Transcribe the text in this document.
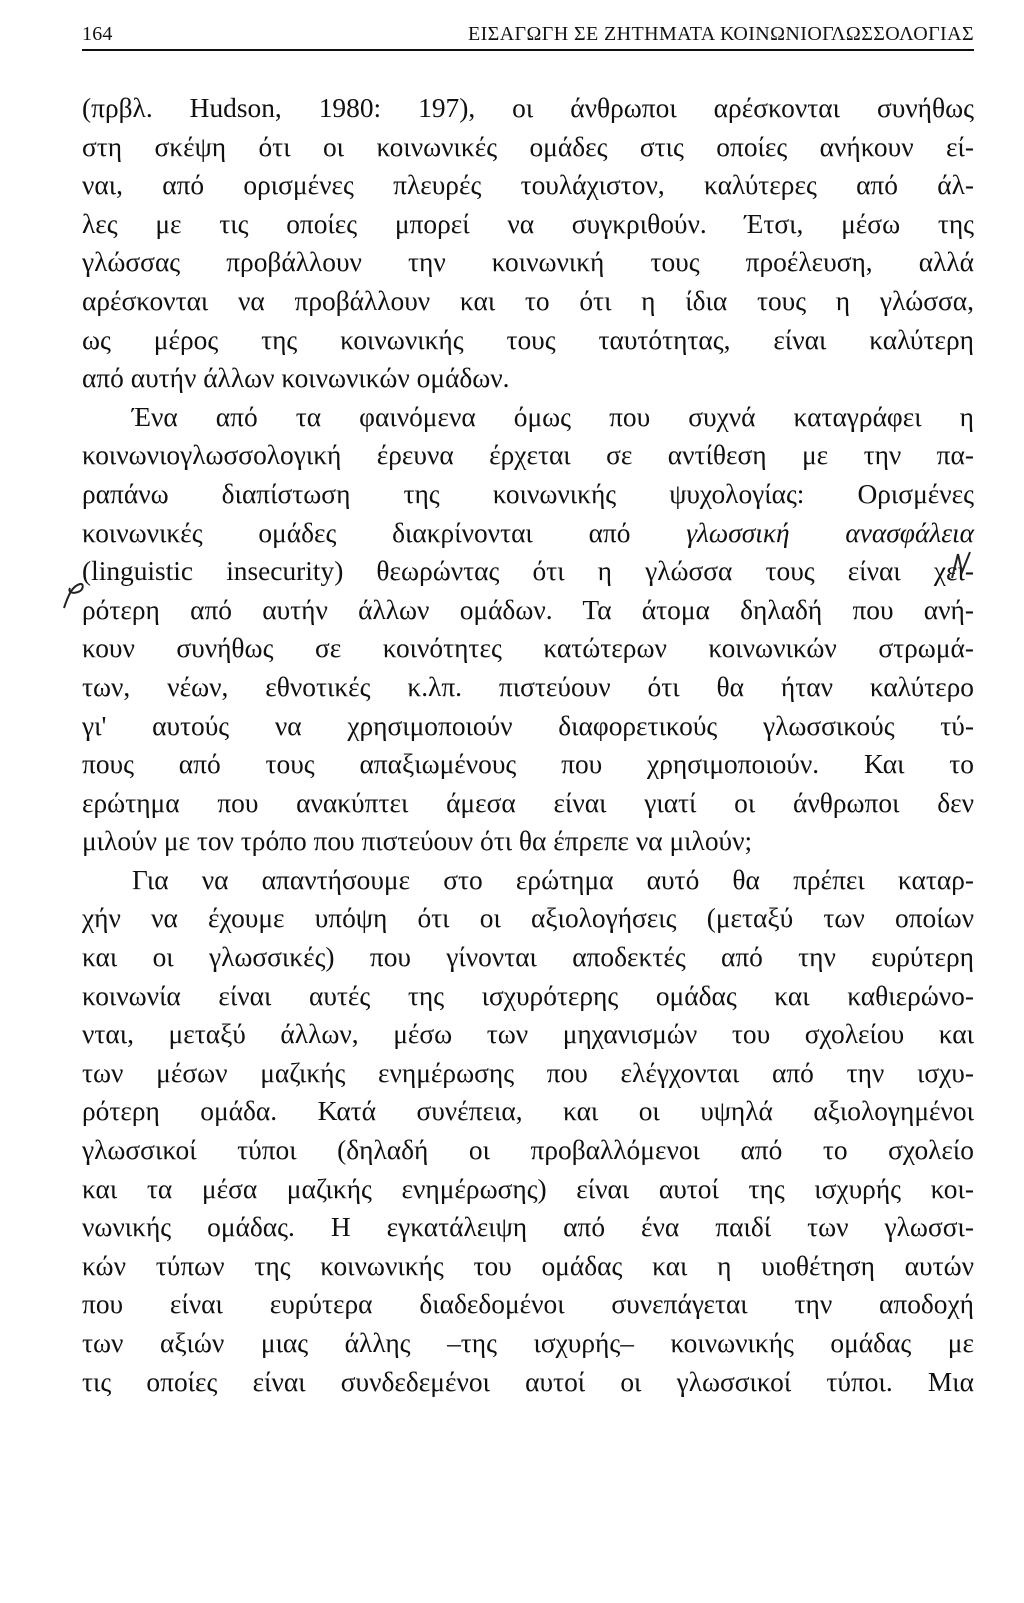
164	ΕΙΣΑΓΩΓΗ ΣΕ ΖΗΤΗΜΑΤΑ ΚΟΙΝΩΝΙΟΓΛΩΣΣΟΛΟΓΙΑΣ

(πρβλ. Hudson, 1980: 197), οι άνθρωποι αρέσκονται συνήθως
στη σκέψη ότι οι κοινωνικές ομάδες στις οποίες ανήκουν εί-
ναι, από ορισμένες πλευρές τουλάχιστον, καλύτερες από άλ-
λες με τις οποίες μπορεί να συγκριθούν. Έτσι, μέσω της
γλώσσας προβάλλουν την κοινωνική τους προέλευση, αλλά
αρέσκονται να προβάλλουν και το ότι η ίδια τους η γλώσσα,
ως μέρος της κοινωνικής τους ταυτότητας, είναι καλύτερη
από αυτήν άλλων κοινωνικών ομάδων.

Ένα από τα φαινόμενα όμως που συχνά καταγράφει η
κοινωνιογλωσσολογική έρευνα έρχεται σε αντίθεση με την πα-
ραπάνω διαπίστωση της κοινωνικής ψυχολογίας: Ορισμένες
κοινωνικές ομάδες διακρίνονται από γλωσσική ανασφάλεια
(linguistic insecurity) θεωρώντας ότι η γλώσσα τους είναι χει-
ρότερη από αυτήν άλλων ομάδων. Τα άτομα δηλαδή που ανή-
κουν συνήθως σε κοινότητες κατώτερων κοινωνικών στρωμά-
των, νέων, εθνοτικές κ.λπ. πιστεύουν ότι θα ήταν καλύτερο
γι' αυτούς να χρησιμοποιούν διαφορετικούς γλωσσικούς τύ-
πους από τους απαξιωμένους που χρησιμοποιούν. Και το
ερώτημα που ανακύπτει άμεσα είναι γιατί οι άνθρωποι δεν
μιλούν με τον τρόπο που πιστεύουν ότι θα έπρεπε να μιλούν;

Για να απαντήσουμε στο ερώτημα αυτό θα πρέπει καταρ-
χήν να έχουμε υπόψη ότι οι αξιολογήσεις (μεταξύ των οποίων
και οι γλωσσικές) που γίνονται αποδεκτές από την ευρύτερη
κοινωνία είναι αυτές της ισχυρότερης ομάδας και καθιερώνο-
νται, μεταξύ άλλων, μέσω των μηχανισμών του σχολείου και
των μέσων μαζικής ενημέρωσης που ελέγχονται από την ισχυ-
ρότερη ομάδα. Κατά συνέπεια, και οι υψηλά αξιολογημένοι
γλωσσικοί τύποι (δηλαδή οι προβαλλόμενοι από το σχολείο
και τα μέσα μαζικής ενημέρωσης) είναι αυτοί της ισχυρής κοι-
νωνικής ομάδας. Η εγκατάλειψη από ένα παιδί των γλωσσι-
κών τύπων της κοινωνικής του ομάδας και η υιοθέτηση αυτών
που είναι ευρύτερα διαδεδομένοι συνεπάγεται την αποδοχή
των αξιών μιας άλλης –της ισχυρής– κοινωνικής ομάδας με
τις οποίες είναι συνδεδεμένοι αυτοί οι γλωσσικοί τύποι. Μια
